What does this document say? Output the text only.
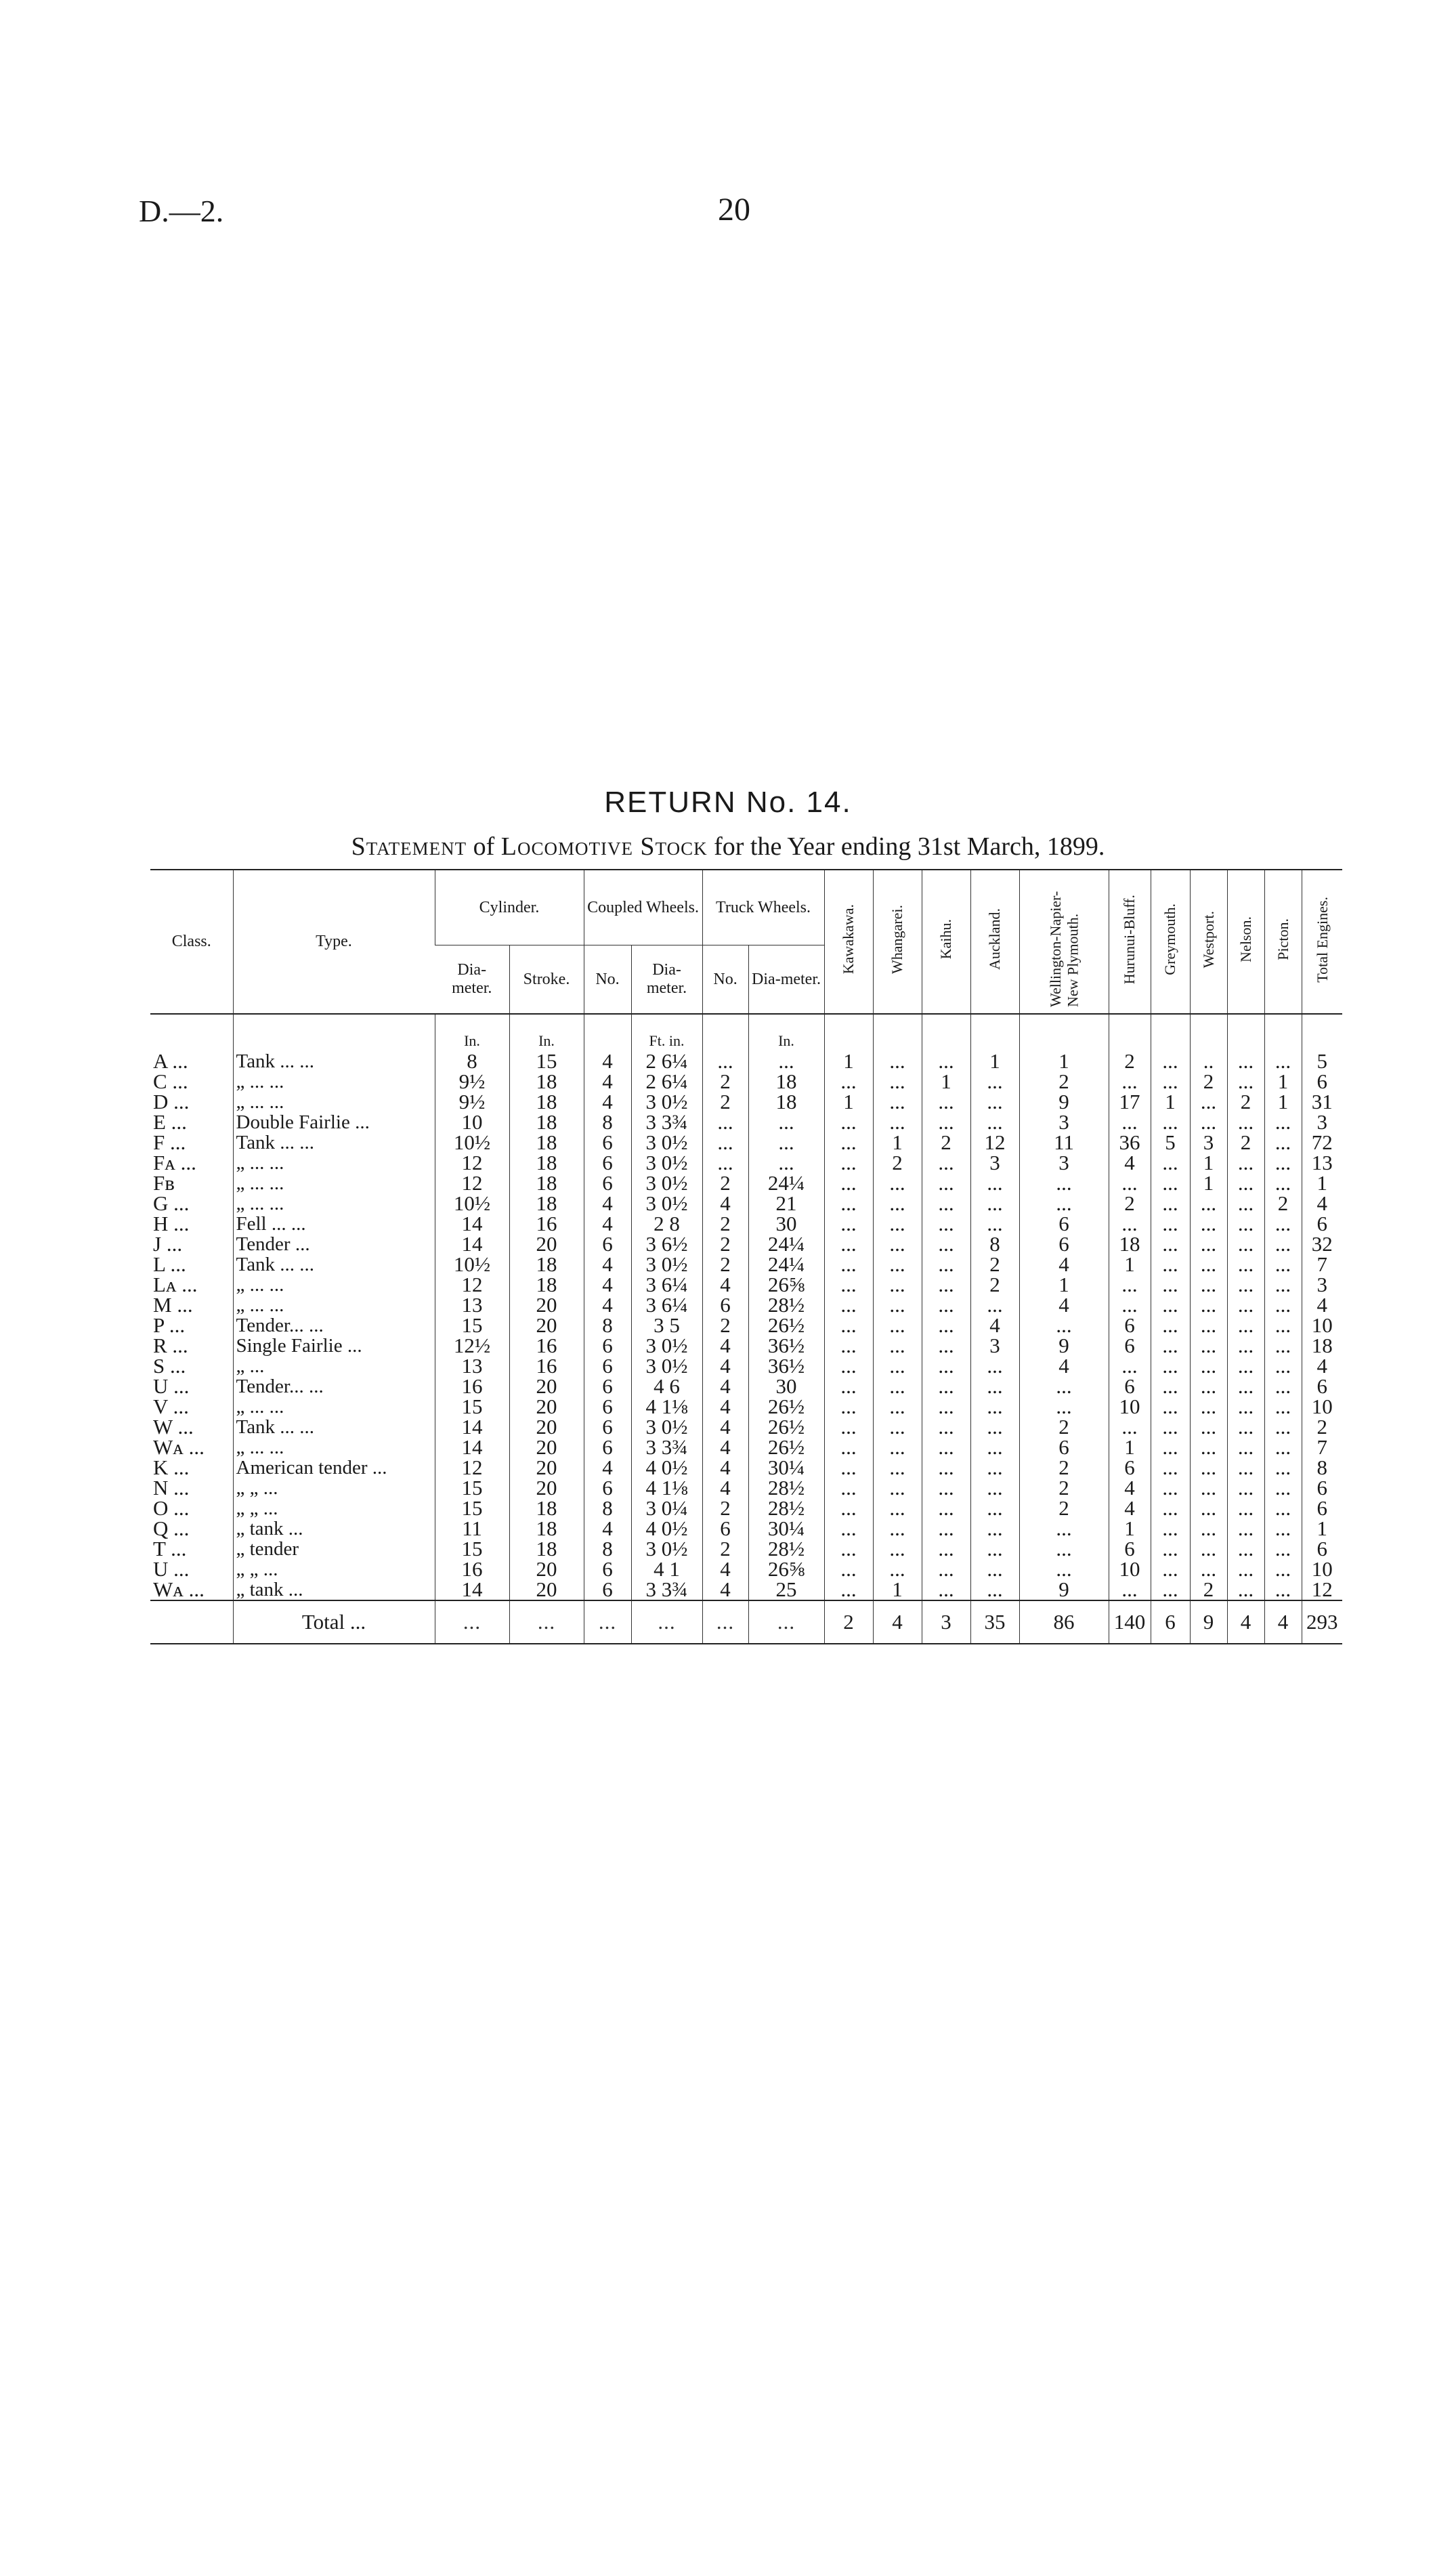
D.—2.	20
RETURN No. 14.
Statement of Locomotive Stock for the Year ending 31st March, 1899.
Class.	Type.	Cylinder.		Coupled Wheels.		Truck Wheels.		Kawakawa.	Whangarei.	Kaihu.	Auckland.	Wellington-Napier-New Plymouth.	Hurunui-Bluff.	Greymouth.	Westport.	Nelson.	Picton.	Total Engines.
		Dia-meter.	Stroke.	No.	Dia-meter.	No.	Dia-meter.											
		In.	In.		Ft. in.		In.											
A ...	Tank ... ...	8	15	4	2 6¼	...	...	1	...	...	1	1	2	...	..	...	...	5
C ...	„ ... ...	9½	18	4	2 6¼	2	18	...	...	1	...	2	...	...	2	...	1	6
D ...	„ ... ...	9½	18	4	3 0½	2	18	1	...	...	...	9	17	1	...	2	1	31
E ...	Double Fairlie ...	10	18	8	3 3¾	...	...	...	...	...	...	3	...	...	...	...	...	3
F ...	Tank ... ...	10½	18	6	3 0½	...	...	...	1	2	12	11	36	5	3	2	...	72
Fᴀ ...	„ ... ...	12	18	6	3 0½	...	...	...	2	...	3	3	4	...	1	...	...	13
Fʙ	„ ... ...	12	18	6	3 0½	2	24¼	...	...	...	...	...	...	...	1	...	...	1
G ...	„ ... ...	10½	18	4	3 0½	4	21	...	...	...	...	...	2	...	...	...	2	4
H ...	Fell ... ...	14	16	4	2 8	2	30	...	...	...	...	6	...	...	...	...	...	6
J ...	Tender ...	14	20	6	3 6½	2	24¼	...	...	...	8	6	18	...	...	...	...	32
L ...	Tank ... ...	10½	18	4	3 0½	2	24¼	...	...	...	2	4	1	...	...	...	...	7
Lᴀ ...	„ ... ...	12	18	4	3 6¼	4	26⅝	...	...	...	2	1	...	...	...	...	...	3
M ...	„ ... ...	13	20	4	3 6¼	6	28½	...	...	...	...	4	...	...	...	...	...	4
P ...	Tender... ...	15	20	8	3 5	2	26½	...	...	...	4	...	6	...	...	...	...	10
R ...	Single Fairlie ...	12½	16	6	3 0½	4	36½	...	...	...	3	9	6	...	...	...	...	18
S ...	„ ...	13	16	6	3 0½	4	36½	...	...	...	...	4	...	...	...	...	...	4
U ...	Tender... ...	16	20	6	4 6	4	30	...	...	...	...	...	6	...	...	...	...	6
V ...	„ ... ...	15	20	6	4 1⅛	4	26½	...	...	...	...	...	10	...	...	...	...	10
W ...	Tank ... ...	14	20	6	3 0½	4	26½	...	...	...	...	2	...	...	...	...	...	2
Wᴀ ...	„ ... ...	14	20	6	3 3¾	4	26½	...	...	...	...	6	1	...	...	...	...	7
K ...	American tender ...	12	20	4	4 0½	4	30¼	...	...	...	...	2	6	...	...	...	...	8
N ...	„ „ ...	15	20	6	4 1⅛	4	28½	...	...	...	...	2	4	...	...	...	...	6
O ...	„ „ ...	15	18	8	3 0¼	2	28½	...	...	...	...	2	4	...	...	...	...	6
Q ...	„ tank ...	11	18	4	4 0½	6	30¼	...	...	...	...	...	1	...	...	...	...	1
T ...	„ tender	15	18	8	3 0½	2	28½	...	...	...	...	...	6	...	...	...	...	6
U ...	„ „ ...	16	20	6	4 1	4	26⅝	...	...	...	...	...	10	...	...	...	...	10
Wᴀ ...	„ tank ...	14	20	6	3 3¾	4	25	...	1	...	...	9	...	...	2	...	...	12
	Total ...	...	...	...	...	...	...	2	4	3	35	86	140	6	9	4	4	293
